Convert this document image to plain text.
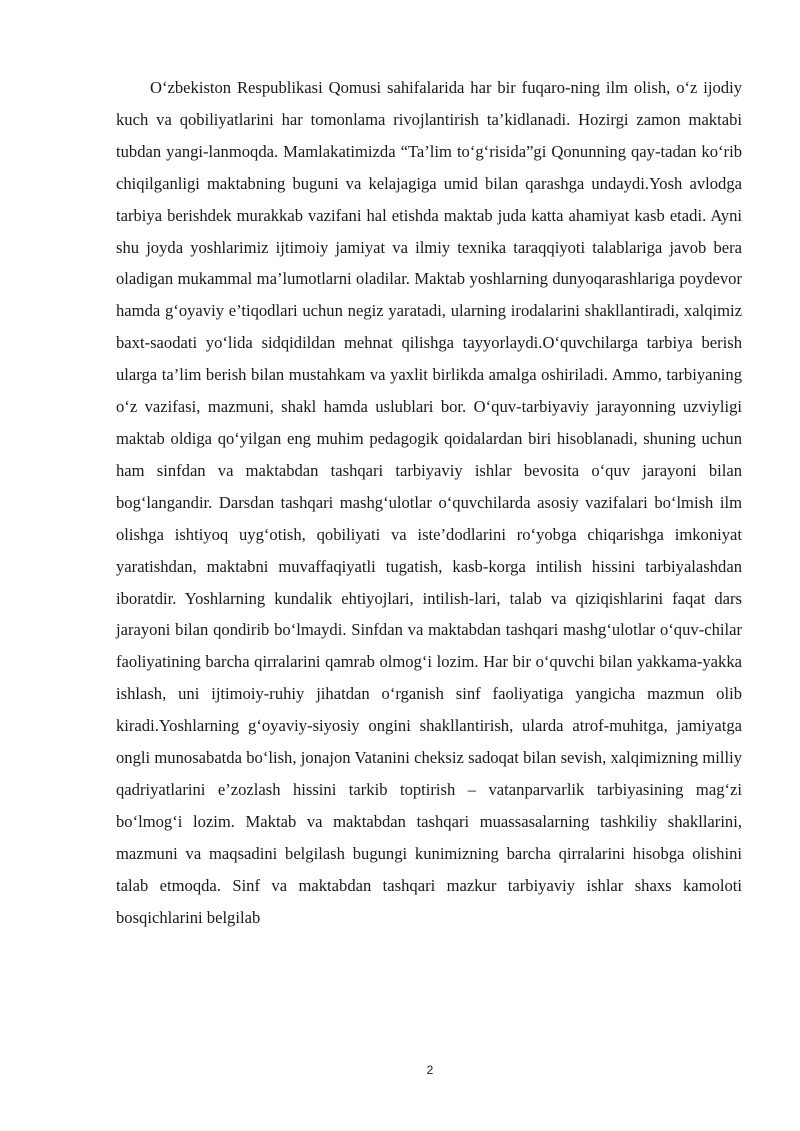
O‘zbekiston Respublikasi Qomusi sahifalarida har bir fuqaro-ning ilm olish, o‘z ijodiy kuch va qobiliyatlarini har tomonlama rivojlantirish ta’kidlanadi. Hozirgi zamon maktabi tubdan yangi-lanmoqda. Mamlakatimizda “Ta’lim to‘g‘risida”gi Qonunning qay-tadan ko‘rib chiqilganligi maktabning buguni va kelajagiga umid bilan qarashga undaydi.Yosh avlodga tarbiya berishdek murakkab vazifani hal etishda maktab juda katta ahamiyat kasb etadi. Ayni shu joyda yoshlarimiz ijtimoiy jamiyat va ilmiy texnika taraqqiyoti talablariga javob bera oladigan mukammal ma’lumotlarni oladilar. Maktab yoshlarning dunyoqarashlariga poydevor hamda g‘oyaviy e’tiqodlari uchun negiz yaratadi, ularning irodalarini shakllantiradi, xalqimiz baxt-saodati yo‘lida sidqidildan mehnat qilishga tayyorlaydi.O‘quvchilarga tarbiya berish ularga ta’lim berish bilan mustahkam va yaxlit birlikda amalga oshiriladi. Ammo, tarbiyaning o‘z vazifasi, mazmuni, shakl hamda uslublari bor. O‘quv-tarbiyaviy jarayonning uzviyligi maktab oldiga qo‘yilgan eng muhim pedagogik qoidalardan biri hisoblanadi, shuning uchun ham sinfdan va maktabdan tashqari tarbiyaviy ishlar bevosita o‘quv jarayoni bilan bog‘langandir. Darsdan tashqari mashg‘ulotlar o‘quvchilarda asosiy vazifalari bo‘lmish ilm olishga ishtiyoq uyg‘otish, qobiliyati va iste’dodlarini ro‘yobga chiqarishga imkoniyat yaratishdan, maktabni muvaffaqiyatli tugatish, kasb-korga intilish hissini tarbiyalashdan iboratdir. Yoshlarning kundalik ehtiyojlari, intilish-lari, talab va qiziqishlarini faqat dars jarayoni bilan qondirib bo‘lmaydi. Sinfdan va maktabdan tashqari mashg‘ulotlar o‘quv-chilar faoliyatining barcha qirralarini qamrab olmog‘i lozim. Har bir o‘quvchi bilan yakkama-yakka ishlash, uni ijtimoiy-ruhiy jihatdan o‘rganish sinf faoliyatiga yangicha mazmun olib kiradi.Yoshlarning g‘oyaviy-siyosiy ongini shakllantirish, ularda atrof-muhitga, jamiyatga ongli munosabatda bo‘lish, jonajon Vatanini cheksiz sadoqat bilan sevish, xalqimizning milliy qadriyatlarini e’zozlash hissini tarkib toptirish – vatanparvarlik tarbiyasining mag‘zi bo‘lmog‘i lozim. Maktab va maktabdan tashqari muassasalarning tashkiliy shakllarini, mazmuni va maqsadini belgilash bugungi kunimizning barcha qirralarini hisobga olishini talab etmoqda. Sinf va maktabdan tashqari mazkur tarbiyaviy ishlar shaxs kamoloti bosqichlarini belgilab

2
